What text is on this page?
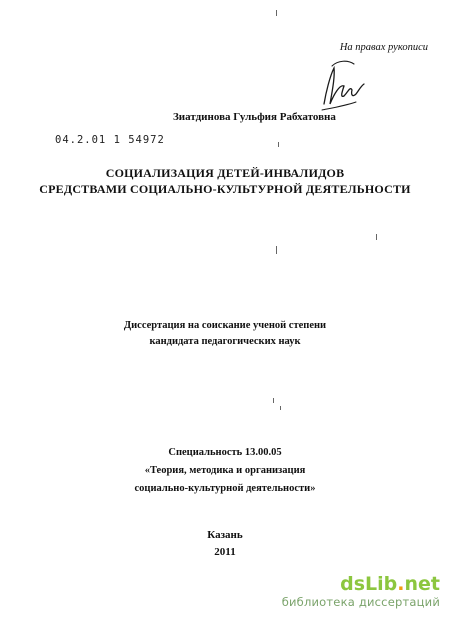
На правах рукописи
Зиатдинова Гульфия Рабхатовна
04.2.01 1 54972
СОЦИАЛИЗАЦИЯ ДЕТЕЙ-ИНВАЛИДОВ
СРЕДСТВАМИ СОЦИАЛЬНО-КУЛЬТУРНОЙ ДЕЯТЕЛЬНОСТИ
Диссертация на соискание ученой степени
кандидата педагогических наук
Специальность 13.00.05
«Теория, методика и организация
социально-культурной деятельности»
Казань
2011
dsLib.net
библиотека диссертаций
